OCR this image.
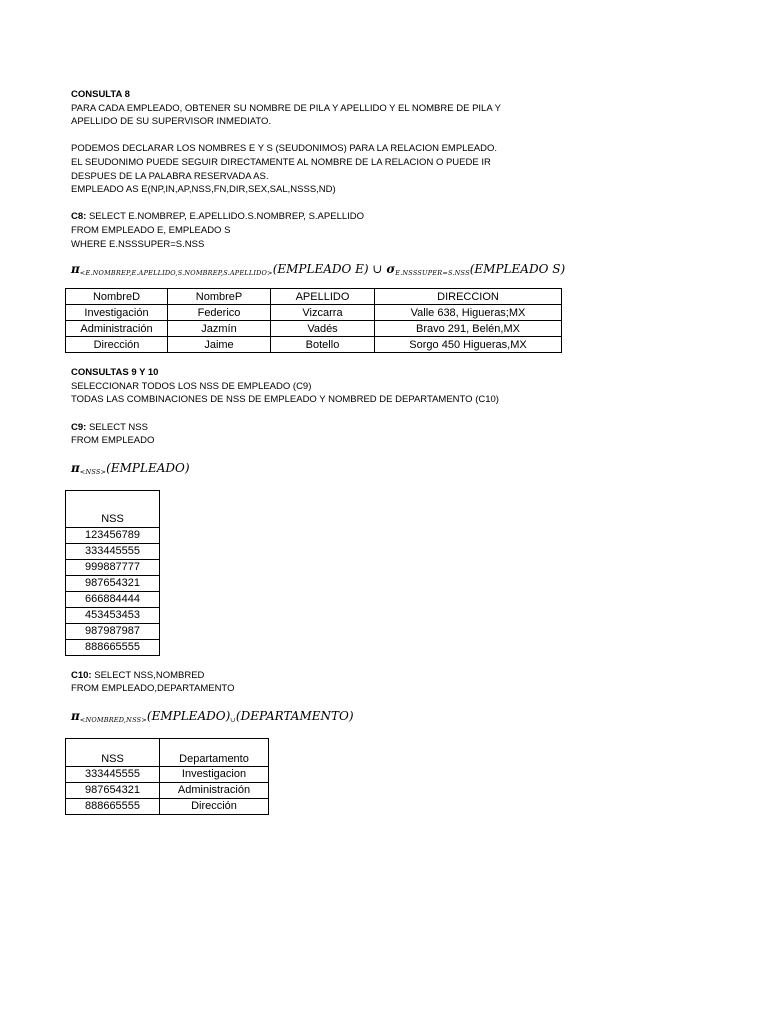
CONSULTA 8
PARA CADA EMPLEADO, OBTENER SU NOMBRE DE PILA Y APELLIDO Y EL NOMBRE DE PILA Y
APELLIDO DE SU SUPERVISOR INMEDIATO.
PODEMOS DECLARAR LOS NOMBRES E Y S (SEUDONIMOS) PARA LA RELACION EMPLEADO.
EL SEUDONIMO PUEDE SEGUIR DIRECTAMENTE AL NOMBRE DE LA RELACION O PUEDE IR
DESPUES DE LA PALABRA RESERVADA AS.
EMPLEADO AS E(NP,IN,AP,NSS,FN,DIR,SEX,SAL,NSSS,ND)
C8: SELECT E.NOMBREP, E.APELLIDO.S.NOMBREP, S.APELLIDO
FROM EMPLEADO E, EMPLEADO S
WHERE E.NSSSUPER=S.NSS
$\pi_{<E.NOMBREP,E.APELLIDO,S.NOMBREP,S.APELLIDO>}(EMPLEADO$ E) ∪ $\sigma_{E.NSSSUPER=S.NSS}(EMPLEADO$ S)
NombreD	NombreP	APELLIDO	DIRECCION
Investigación	Federico	Vizcarra	Valle 638, Higueras;MX
Administración	Jazmín	Vadés	Bravo 291, Belén,MX
Dirección	Jaime	Botello	Sorgo 450 Higueras,MX
CONSULTAS 9 Y 10
SELECCIONAR TODOS LOS NSS DE EMPLEADO (C9)
TODAS LAS COMBINACIONES DE NSS DE EMPLEADO Y NOMBRED DE DEPARTAMENTO (C10)
C9: SELECT NSS
FROM EMPLEADO
$\pi_{<NSS>}(EMPLEADO)$
NSS
123456789
333445555
999887777
987654321
666884444
453453453
987987987
888665555
C10: SELECT NSS,NOMBRED
FROM EMPLEADO,DEPARTAMENTO
$\pi_{<NOMBRED,NSS>}(EMPLEADO)_\cup(DEPARTAMENTO)$
NSS	Departamento
333445555	Investigacion
987654321	Administración
888665555	Dirección
